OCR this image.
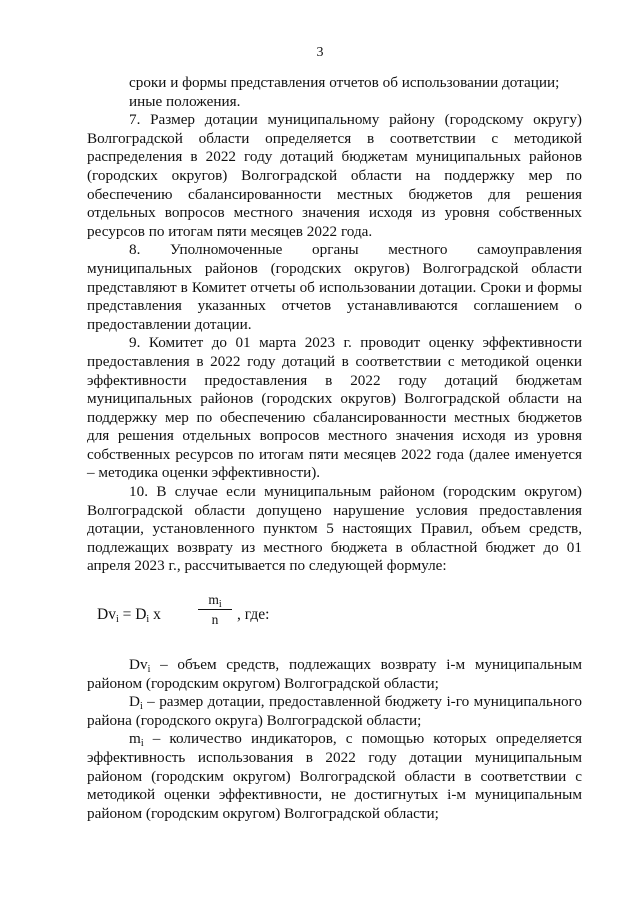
3

сроки и формы представления отчетов об использовании дотации;

иные положения.

7. Размер дотации муниципальному району (городскому округу) Волгоградской области определяется в соответствии с методикой распределения в 2022 году дотаций бюджетам муниципальных районов (городских округов) Волгоградской области на поддержку мер по обеспечению сбалансированности местных бюджетов для решения отдельных вопросов местного значения исходя из уровня собственных ресурсов по итогам пяти месяцев 2022 года.

8. Уполномоченные органы местного самоуправления муниципальных районов (городских округов) Волгоградской области представляют в Комитет отчеты об использовании дотации. Сроки и формы представления указанных отчетов устанавливаются соглашением о предоставлении дотации.

9. Комитет до 01 марта 2023 г. проводит оценку эффективности предоставления в 2022 году дотаций в соответствии с методикой оценки эффективности предоставления в 2022 году дотаций бюджетам муниципальных районов (городских округов) Волгоградской области на поддержку мер по обеспечению сбалансированности местных бюджетов для решения отдельных вопросов местного значения исходя из уровня собственных ресурсов по итогам пяти месяцев 2022 года (далее именуется – методика оценки эффективности).

10. В случае если муниципальным районом (городским округом) Волгоградской области допущено нарушение условия предоставления дотации, установленного пунктом 5 настоящих Правил, объем средств, подлежащих возврату из местного бюджета в областной бюджет до 01 апреля 2023 г., рассчитывается по следующей формуле:

$Dv_i = D_i$ x
$m_i$
n	, где:

$Dv_i$ – объем средств, подлежащих возврату i-м муниципальным районом (городским округом) Волгоградской области;

$D_i$ – размер дотации, предоставленной бюджету i-го муниципального района (городского округа) Волгоградской области;

$m_i$ – количество индикаторов, с помощью которых определяется эффективность использования в 2022 году дотации муниципальным районом (городским округом) Волгоградской области в соответствии с методикой оценки эффективности, не достигнутых i-м муниципальным районом (городским округом) Волгоградской области;
